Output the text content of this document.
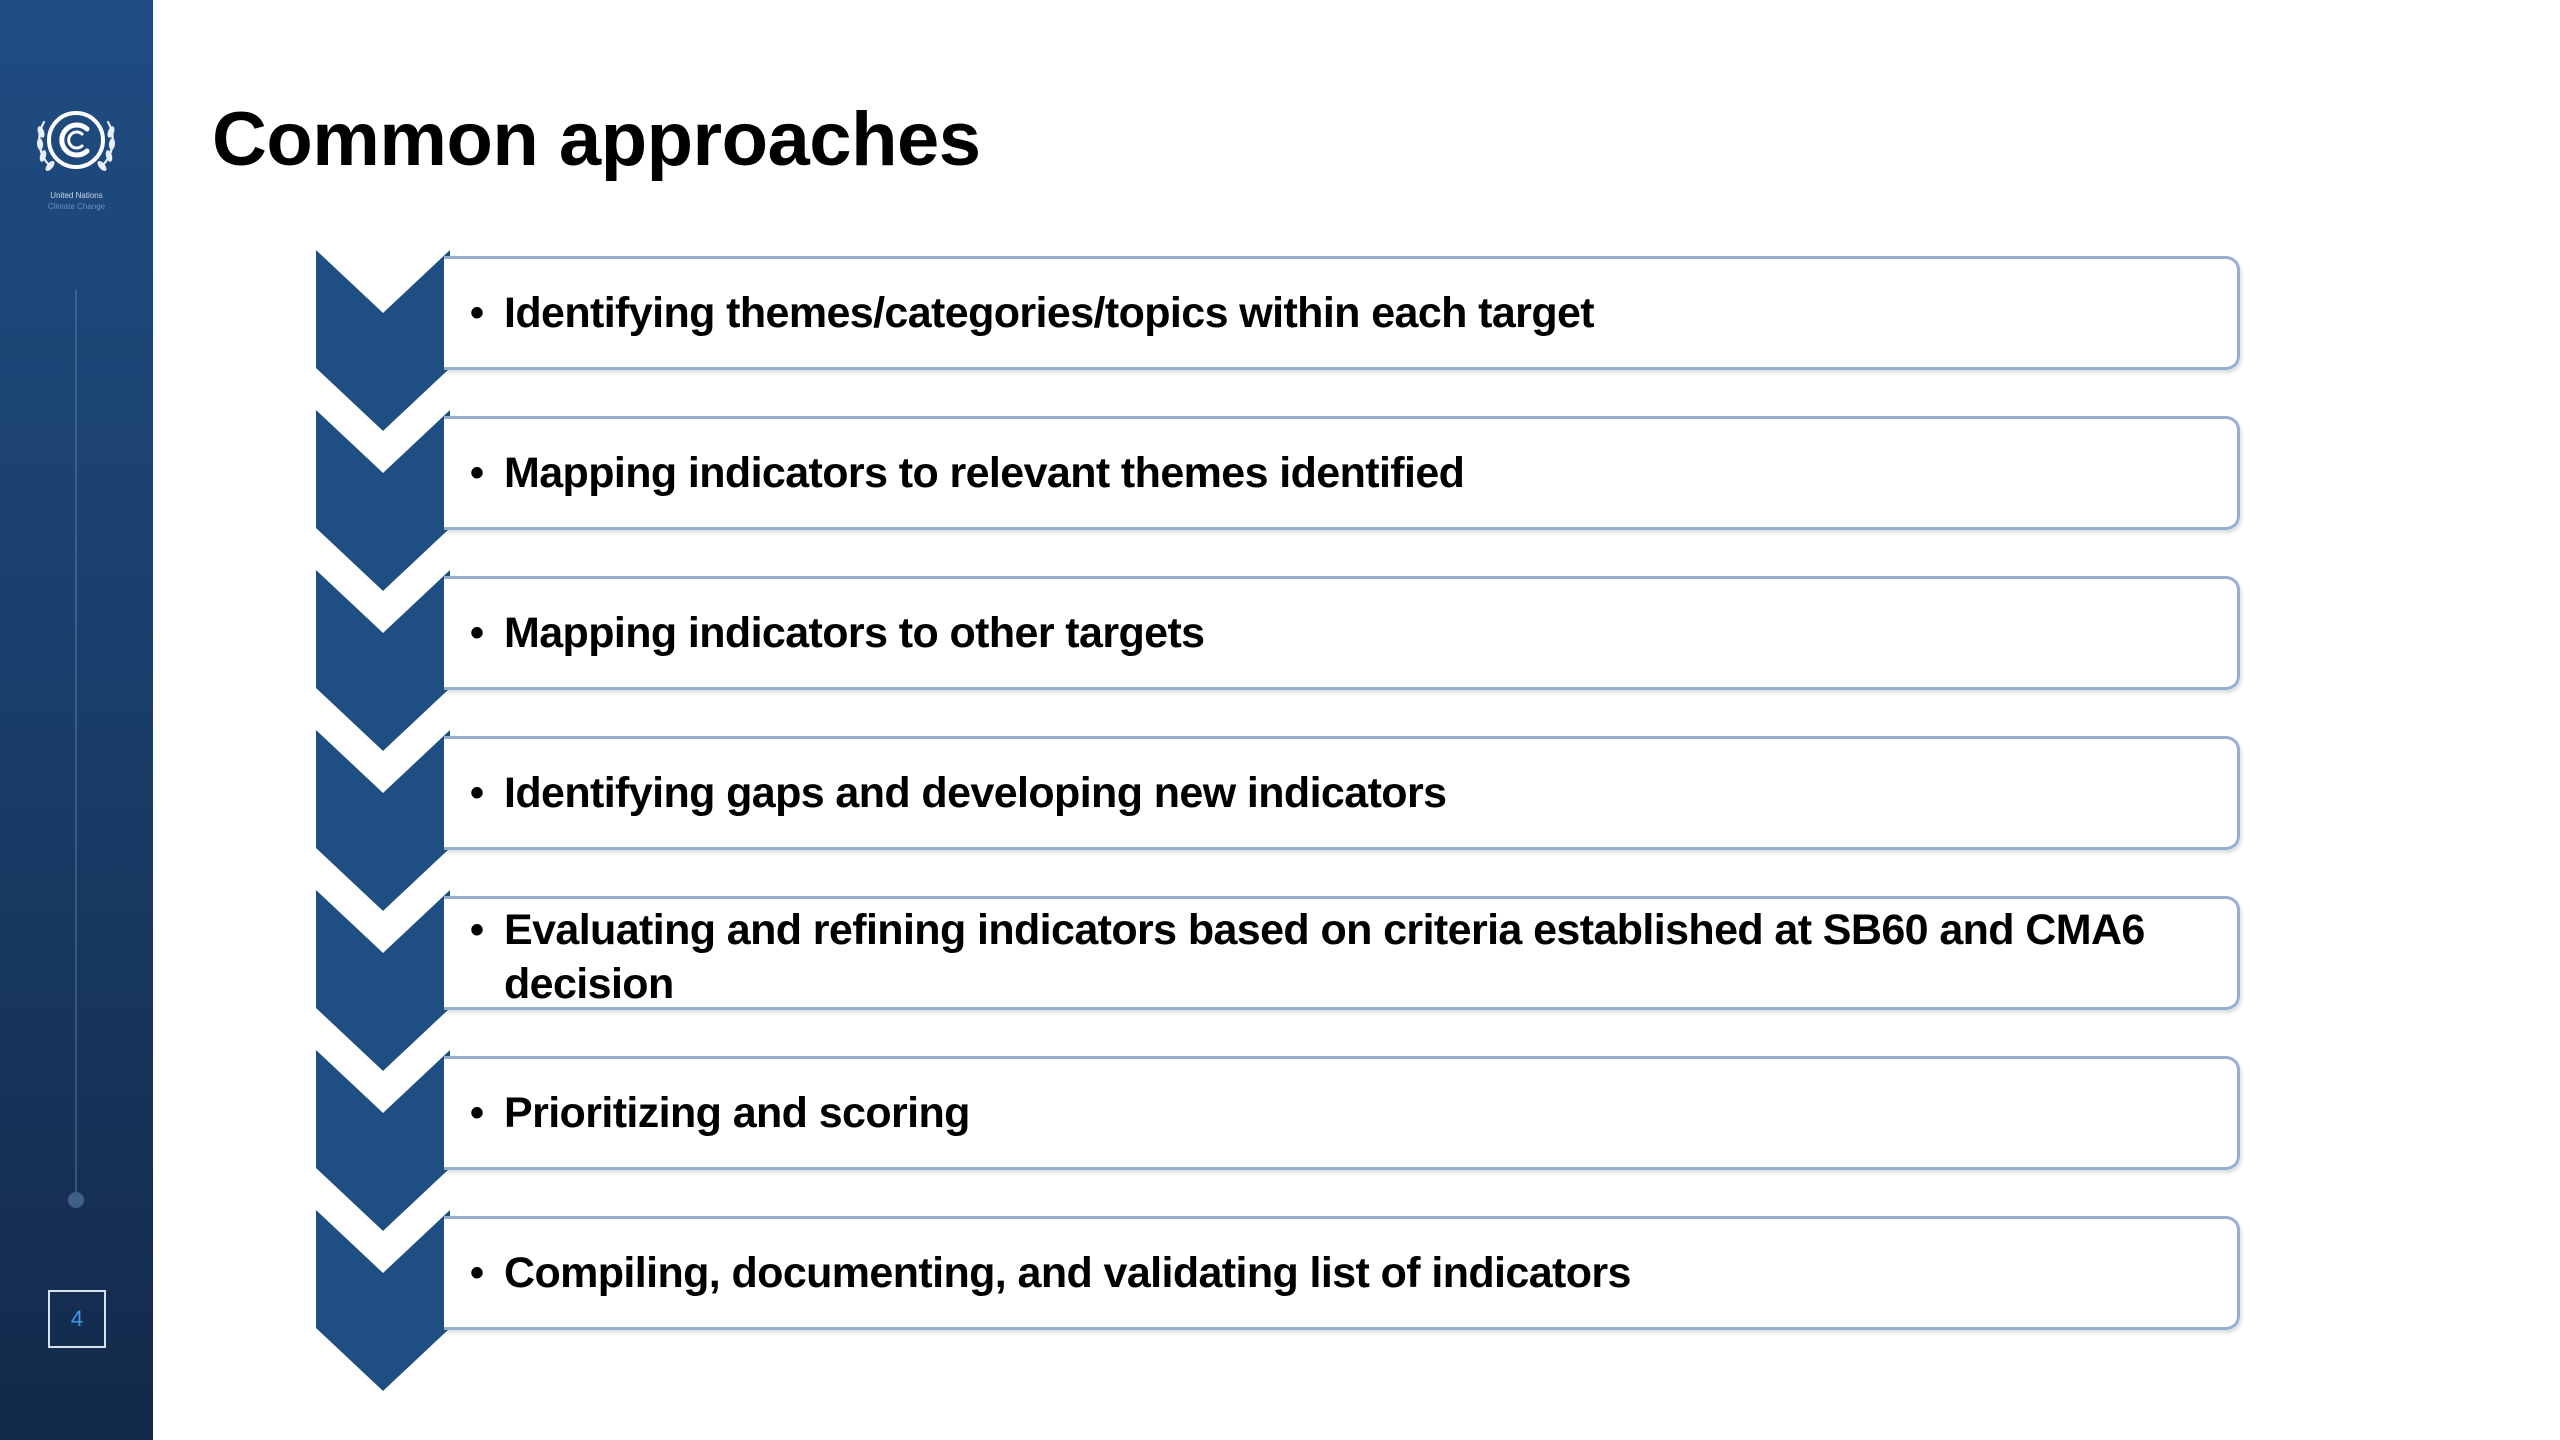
United Nations
Climate Change
4
Common approaches
• Identifying themes/categories/topics within each target
• Mapping indicators to relevant themes identified
• Mapping indicators to other targets
• Identifying gaps and developing new indicators
• Evaluating and refining indicators based on criteria established at SB60 and CMA6 decision
• Prioritizing and scoring
• Compiling, documenting, and validating list of indicators
